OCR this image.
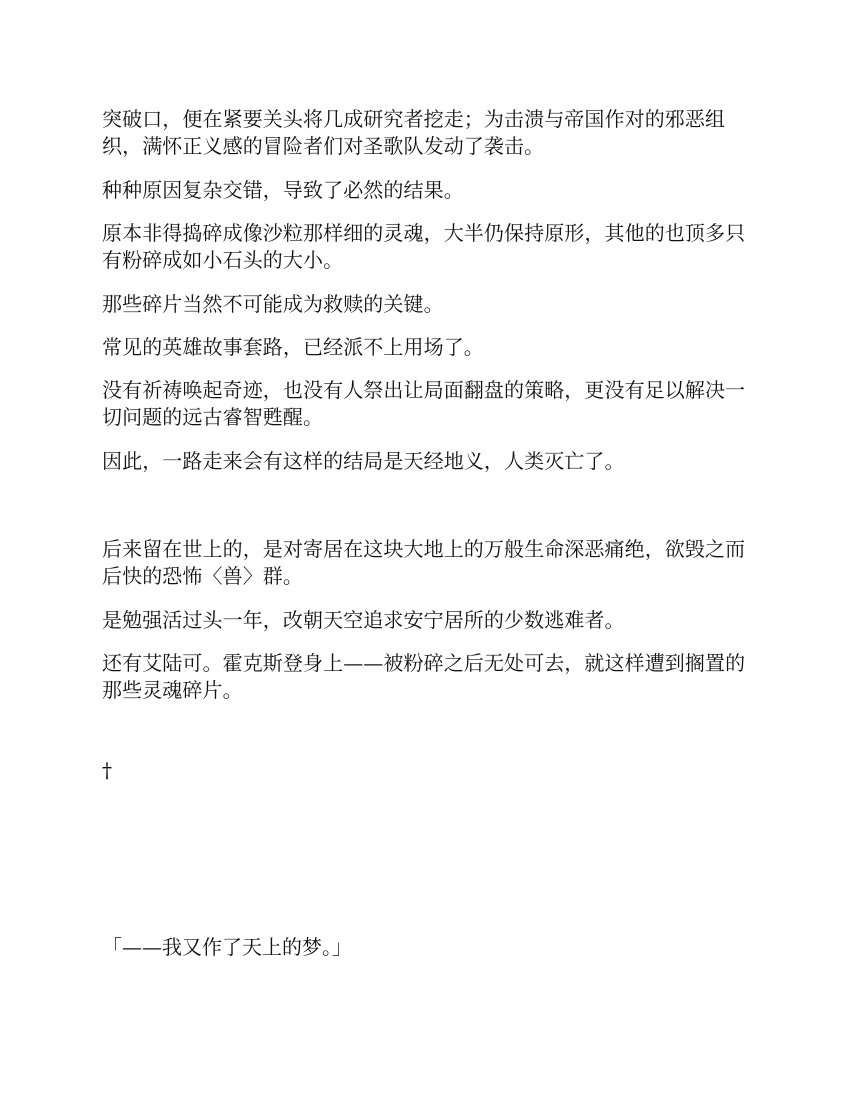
突破口，便在紧要关头将几成研究者挖走；为击溃与帝国作对的邪恶组织，满怀正义感的冒险者们对圣歌队发动了袭击。

种种原因复杂交错，导致了必然的结果。

原本非得捣碎成像沙粒那样细的灵魂，大半仍保持原形，其他的也顶多只有粉碎成如小石头的大小。

那些碎片当然不可能成为救赎的关键。

常见的英雄故事套路，已经派不上用场了。

没有祈祷唤起奇迹，也没有人祭出让局面翻盘的策略，更没有足以解决一切问题的远古睿智甦醒。

因此，一路走来会有这样的结局是天经地义，人类灭亡了。

后来留在世上的，是对寄居在这块大地上的万般生命深恶痛绝，欲毁之而后快的恐怖〈兽〉群。

是勉强活过头一年，改朝天空追求安宁居所的少数逃难者。

还有艾陆可。霍克斯登身上——被粉碎之后无处可去，就这样遭到搁置的那些灵魂碎片。

†
「——我又作了天上的梦。」
